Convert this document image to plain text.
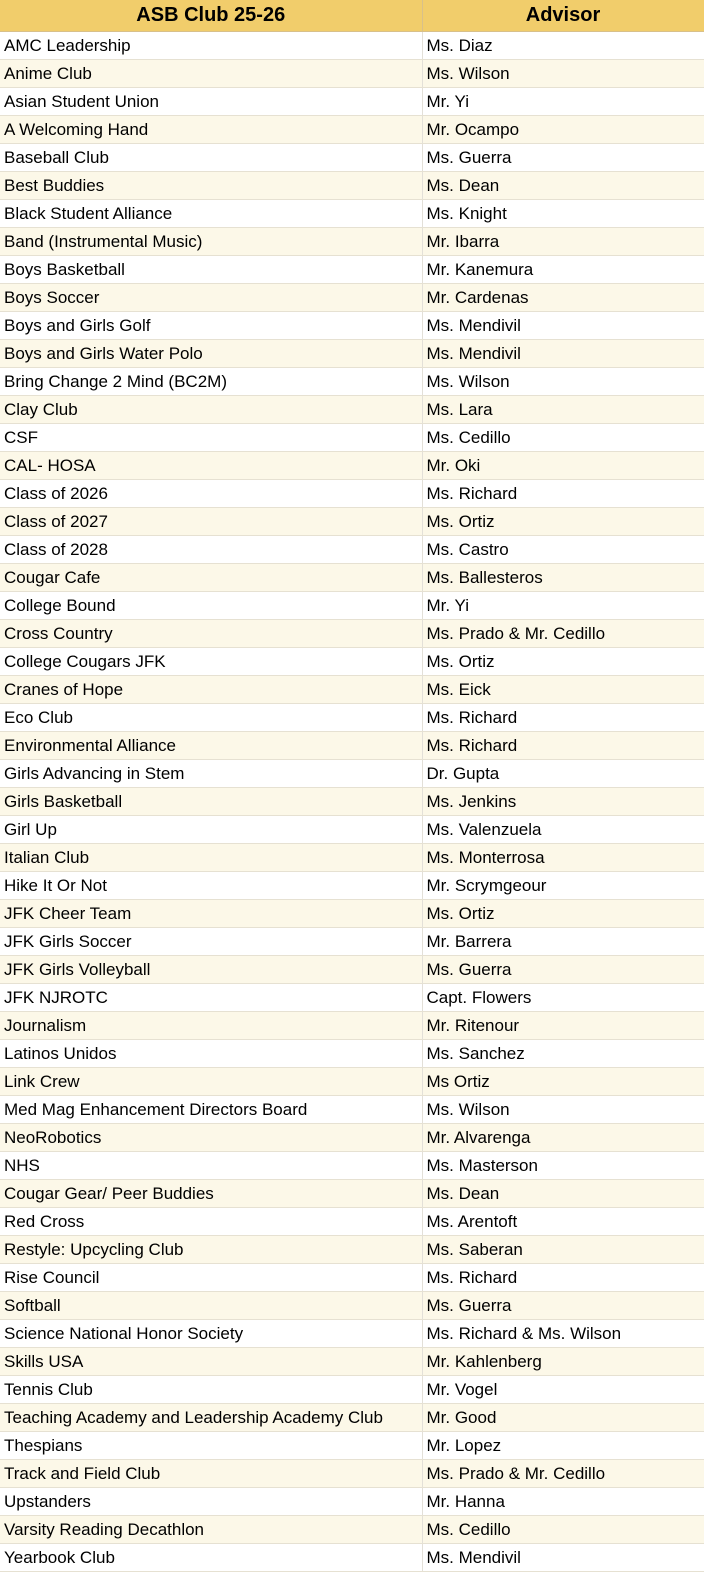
ASB Club 25-26	Advisor
AMC Leadership	Ms. Diaz
Anime Club	Ms. Wilson
Asian Student Union	Mr. Yi
A Welcoming Hand	Mr. Ocampo
Baseball Club	Ms. Guerra
Best Buddies	Ms. Dean
Black Student Alliance	Ms. Knight
Band (Instrumental Music)	Mr. Ibarra
Boys Basketball	Mr. Kanemura
Boys Soccer	Mr. Cardenas
Boys and Girls Golf	Ms. Mendivil
Boys and Girls Water Polo	Ms. Mendivil
Bring Change 2 Mind (BC2M)	Ms. Wilson
Clay Club	Ms. Lara
CSF	Ms. Cedillo
CAL- HOSA	Mr. Oki
Class of 2026	Ms. Richard
Class of 2027	Ms. Ortiz
Class of 2028	Ms. Castro
Cougar Cafe	Ms. Ballesteros
College Bound	Mr. Yi
Cross Country	Ms. Prado & Mr. Cedillo
College Cougars JFK	Ms. Ortiz
Cranes of Hope	Ms. Eick
Eco Club	Ms. Richard
Environmental Alliance	Ms. Richard
Girls Advancing in Stem	Dr. Gupta
Girls Basketball	Ms. Jenkins
Girl Up	Ms. Valenzuela
Italian Club	Ms. Monterrosa
Hike It Or Not	Mr. Scrymgeour
JFK Cheer Team	Ms. Ortiz
JFK Girls Soccer	Mr. Barrera
JFK Girls Volleyball	Ms. Guerra
JFK NJROTC	Capt. Flowers
Journalism	Mr. Ritenour
Latinos Unidos	Ms. Sanchez
Link Crew	Ms Ortiz
Med Mag Enhancement Directors Board	Ms. Wilson
NeoRobotics	Mr. Alvarenga
NHS	Ms. Masterson
Cougar Gear/ Peer Buddies	Ms. Dean
Red Cross	Ms. Arentoft
Restyle: Upcycling Club	Ms. Saberan
Rise Council	Ms. Richard
Softball	Ms. Guerra
Science National Honor Society	Ms. Richard & Ms. Wilson
Skills USA	Mr. Kahlenberg
Tennis Club	Mr. Vogel
Teaching Academy and Leadership Academy Club	Mr. Good
Thespians	Mr. Lopez
Track and Field Club	Ms. Prado & Mr. Cedillo
Upstanders	Mr. Hanna
Varsity Reading Decathlon	Ms. Cedillo
Yearbook Club	Ms. Mendivil
